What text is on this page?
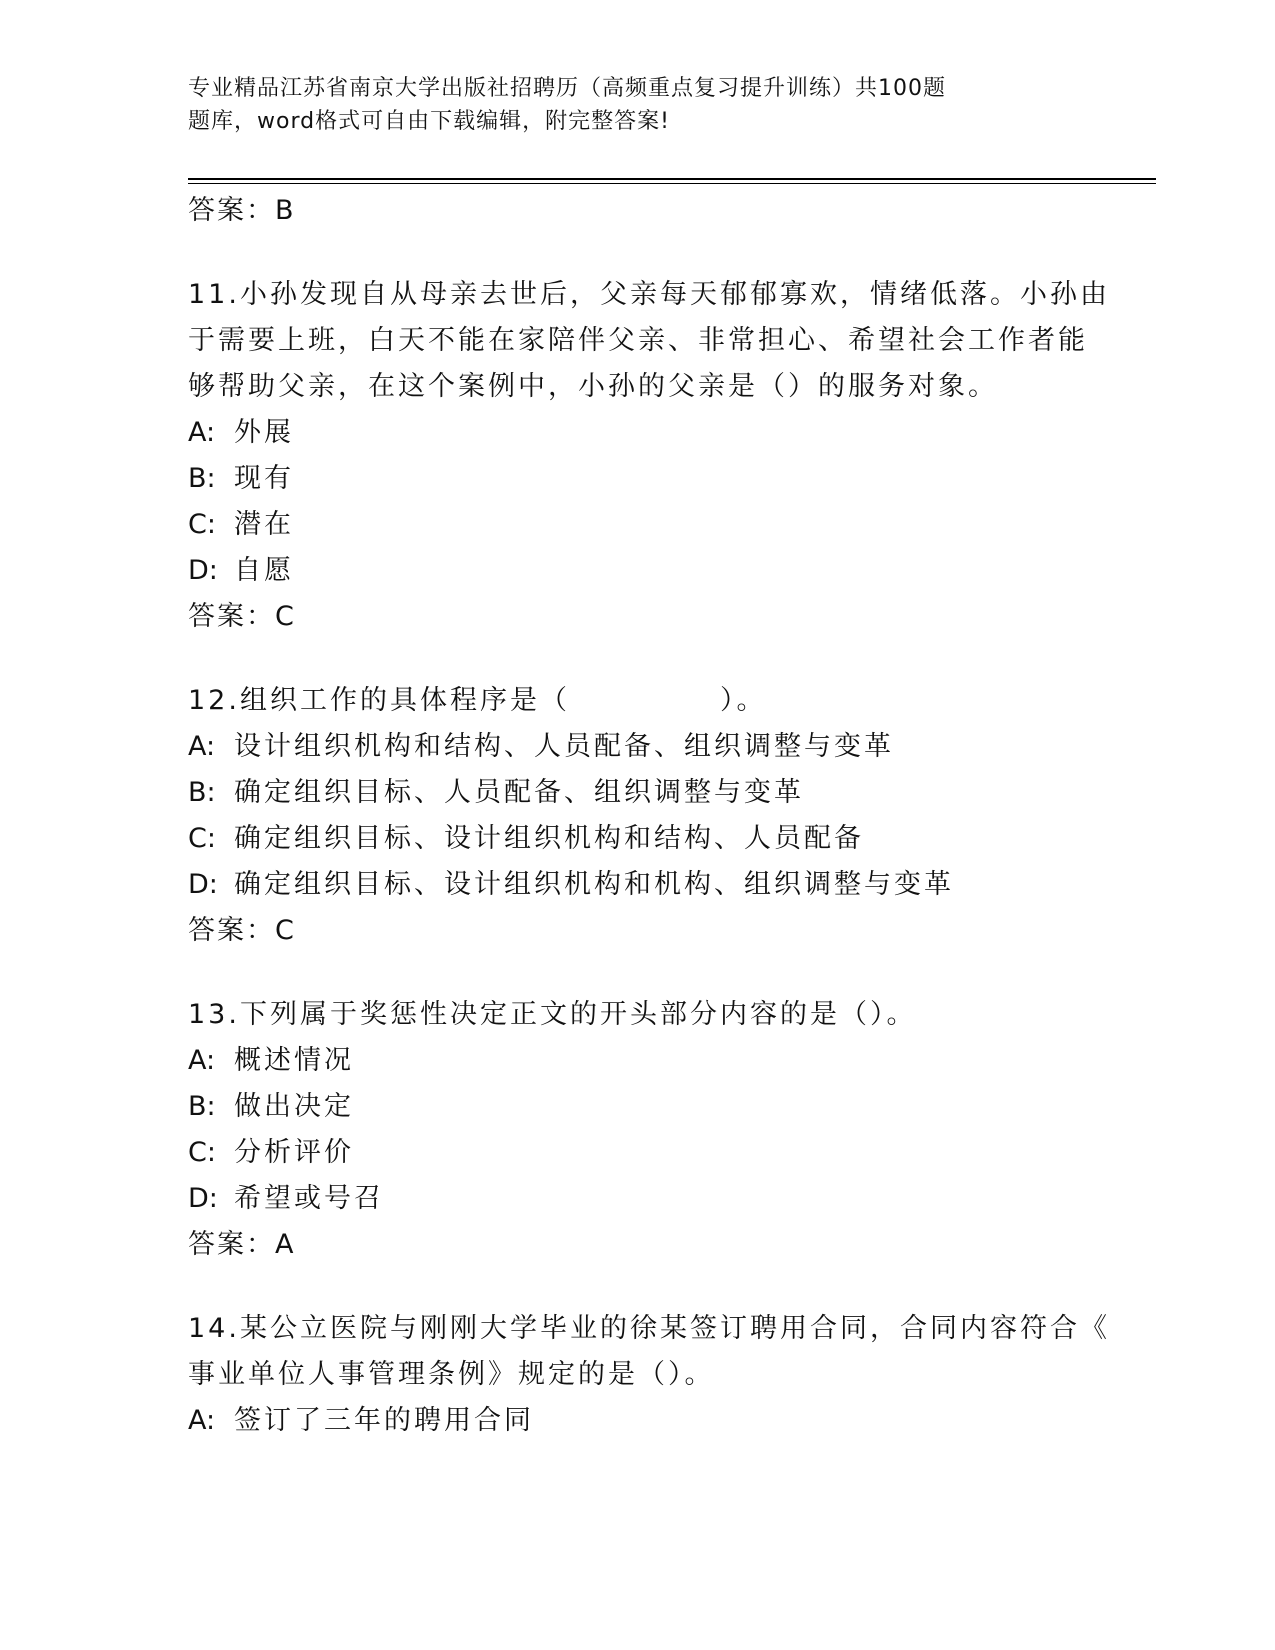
专业精品江苏省南京大学出版社招聘历（高频重点复习提升训练）共100题
题库，word格式可自由下载编辑，附完整答案!
答案：B
11.小孙发现自从母亲去世后，父亲每天郁郁寡欢，情绪低落。小孙由
于需要上班，白天不能在家陪伴父亲、非常担心、希望社会工作者能
够帮助父亲，在这个案例中，小孙的父亲是（）的服务对象。
A: 外展
B: 现有
C: 潜在
D: 自愿
答案：C
12.组织工作的具体程序是（　　　　　）。
A: 设计组织机构和结构、人员配备、组织调整与变革
B: 确定组织目标、人员配备、组织调整与变革
C: 确定组织目标、设计组织机构和结构、人员配备
D: 确定组织目标、设计组织机构和机构、组织调整与变革
答案：C
13.下列属于奖惩性决定正文的开头部分内容的是（）。
A: 概述情况
B: 做出决定
C: 分析评价
D: 希望或号召
答案：A
14.某公立医院与刚刚大学毕业的徐某签订聘用合同，合同内容符合《
事业单位人事管理条例》规定的是（）。
A: 签订了三年的聘用合同
